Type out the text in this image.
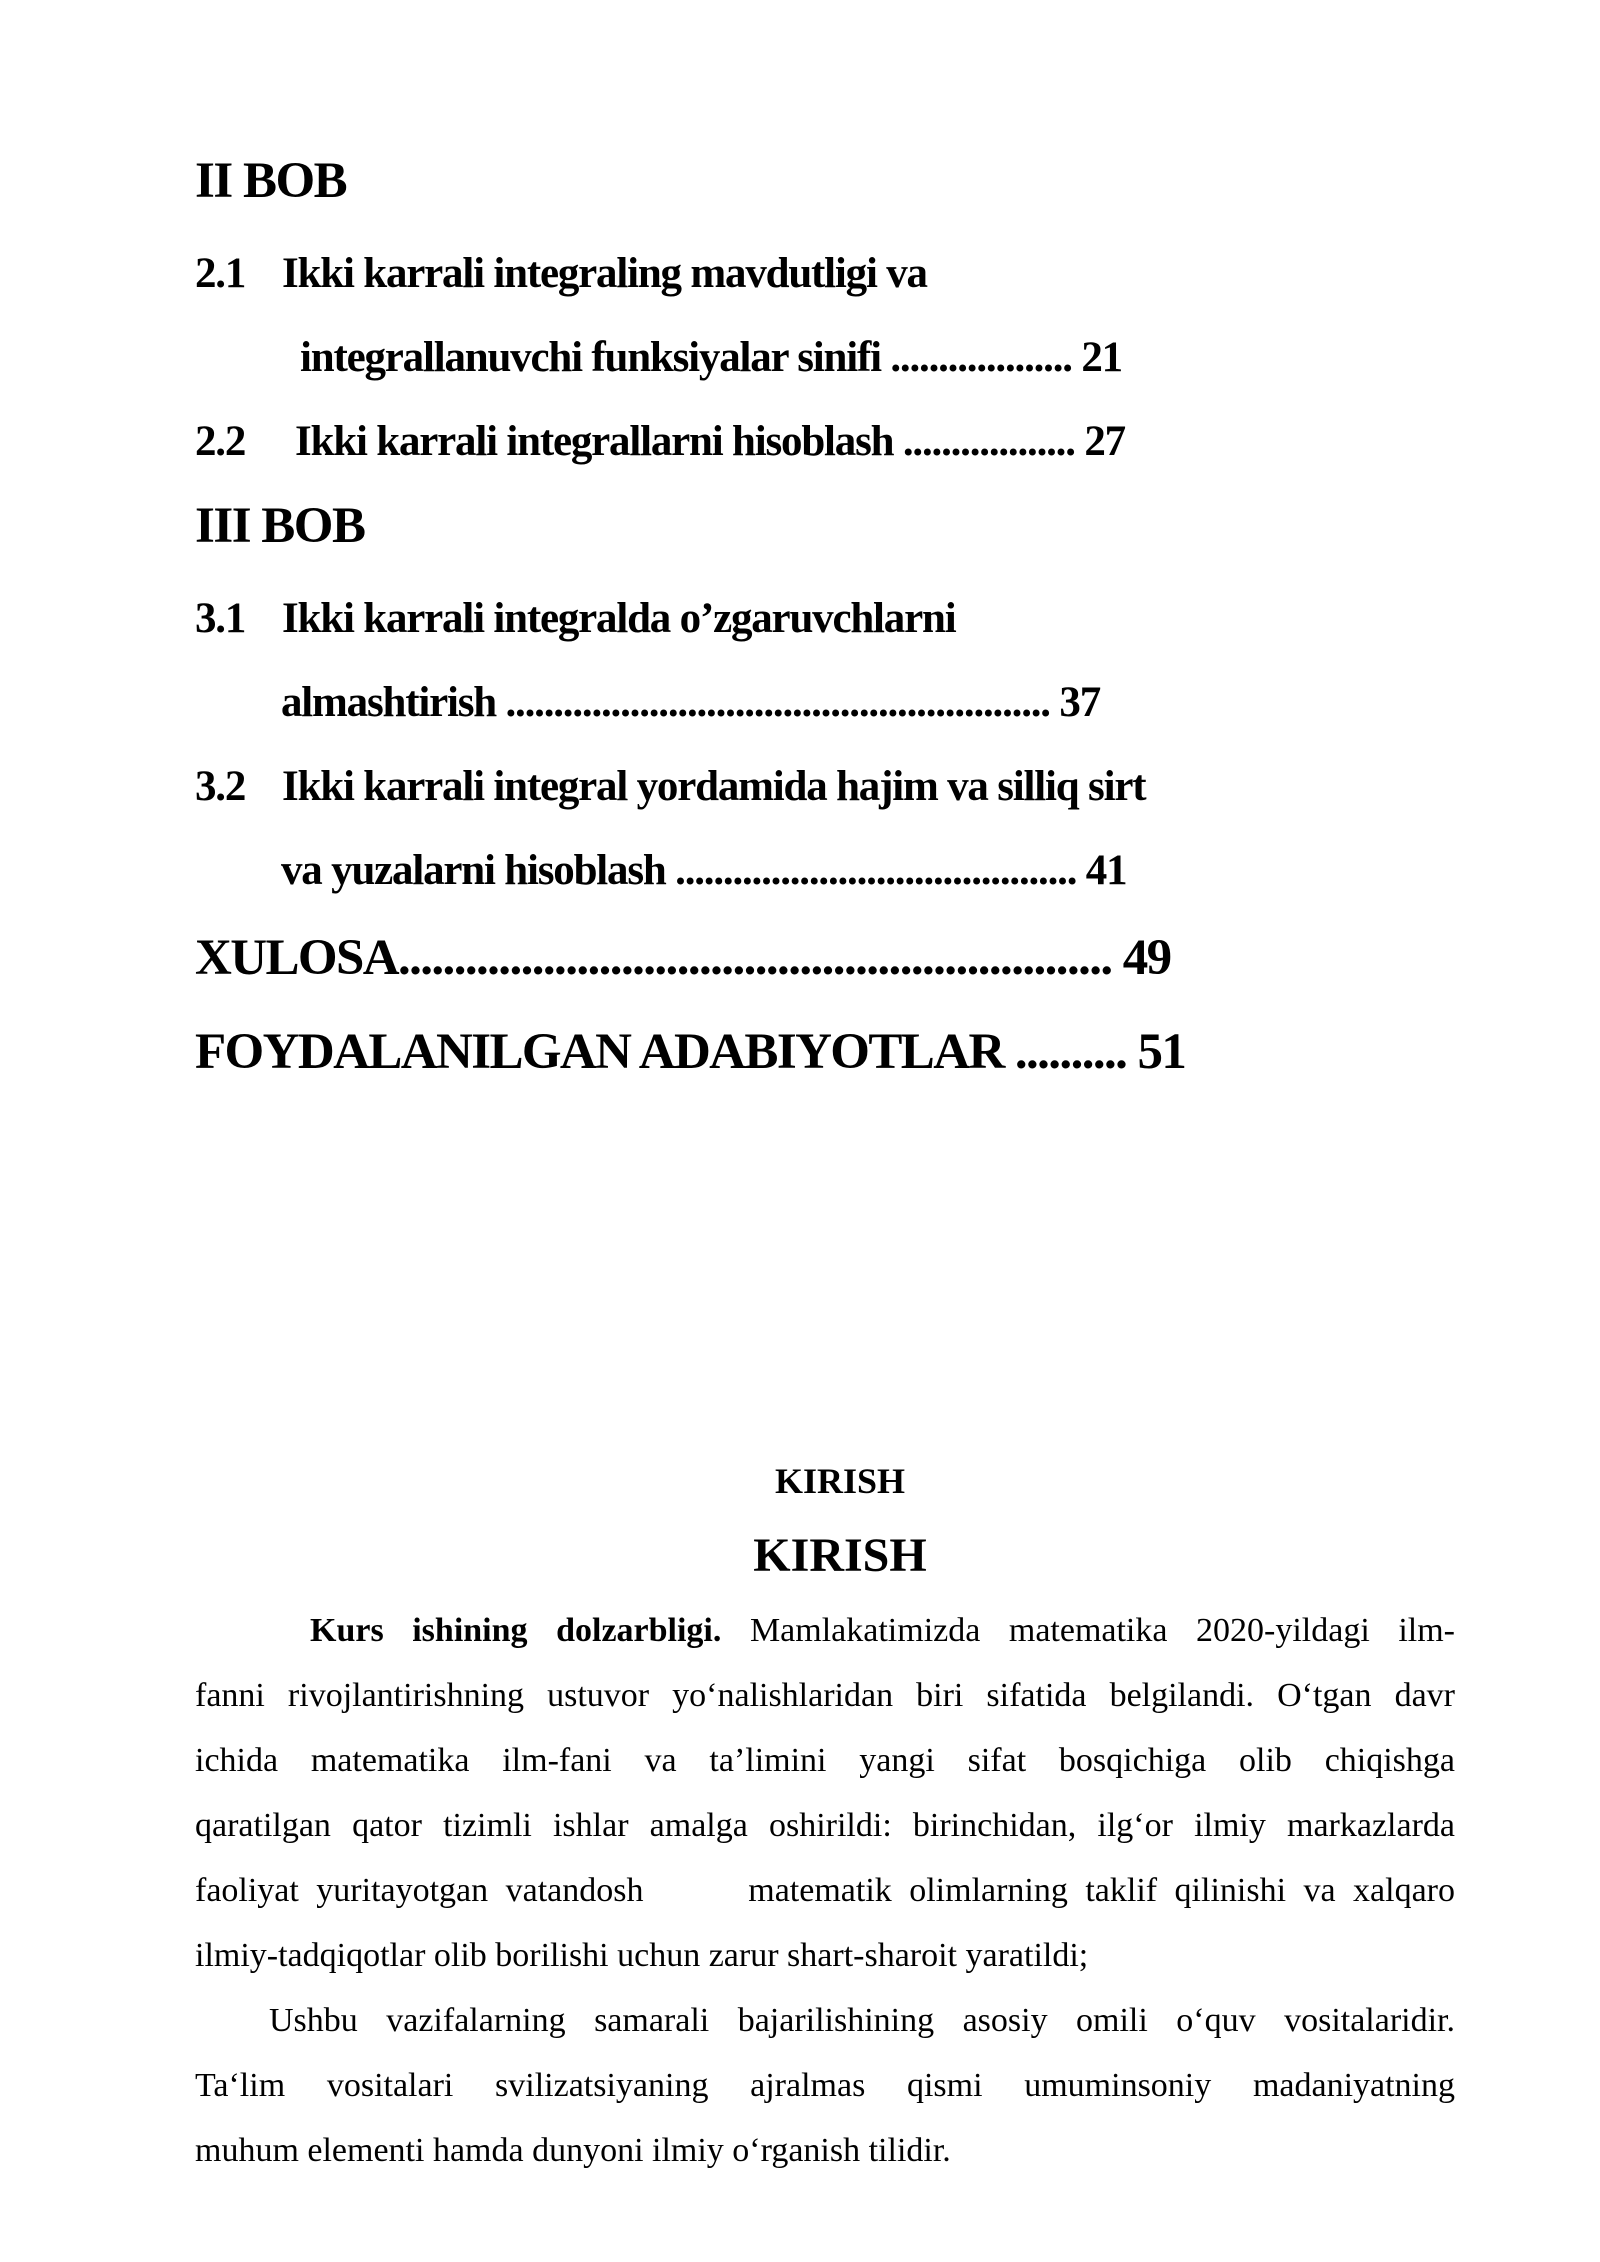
II BOB
2.1 Ikki karrali integraling mavdutligi va
integrallanuvchi funksiyalar sinifi ................... 21
2.2 Ikki karrali integrallarni hisoblash .................. 27
III BOB
3.1 Ikki karrali integralda o’zgaruvchlarni
almashtirish ......................................................... 37
3.2 Ikki karrali integral yordamida hajim va silliq sirt
va yuzalarni hisoblash .......................................... 41
XULOSA................................................................ 49
FOYDALANILGAN ADABIYOTLAR .......... 51
KIRISH
KIRISH
Kurs ishining dolzarbligi. Mamlakatimizda matematika 2020-yildagi ilm-
fanni rivojlantirishning ustuvor yo‘nalishlaridan biri sifatida belgilandi. O‘tgan davr
ichida matematika ilm-fani va ta’limini yangi sifat bosqichiga olib chiqishga
qaratilgan qator tizimli ishlar amalga oshirildi: birinchidan, ilg‘or ilmiy markazlarda
faoliyat yuritayotgan vatandosh      matematik olimlarning taklif qilinishi va xalqaro
ilmiy-tadqiqotlar olib borilishi uchun zarur shart-sharoit yaratildi;
Ushbu vazifalarning samarali bajarilishining asosiy omili o‘quv vositalaridir.
Ta‘lim vositalari svilizatsiyaning ajralmas qismi umuminsoniy madaniyatning
muhum elementi hamda dunyoni ilmiy o‘rganish tilidir.
